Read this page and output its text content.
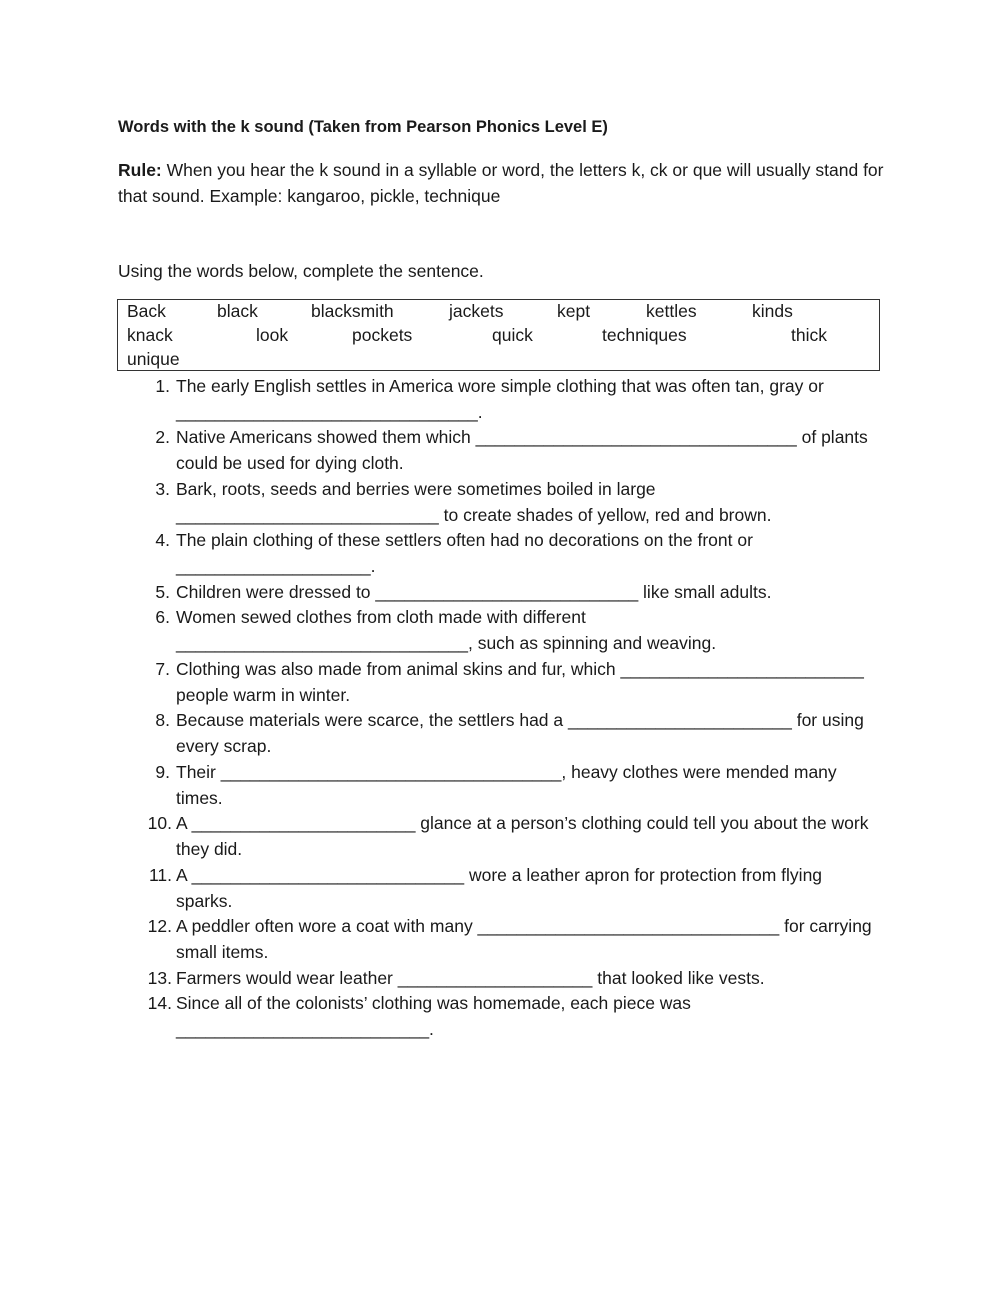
Words with the k sound (Taken from Pearson Phonics Level E)
Rule: When you hear the k sound in a syllable or word, the letters k, ck or que will usually stand for that sound. Example: kangaroo, pickle, technique
Using the words below, complete the sentence.
Back	black	blacksmith	jackets	kept	kettles	kinds
knack	look	pockets	quick	techniques	thick
unique
1. The early English settles in America wore simple clothing that was often tan, gray or _______________________________.
2. Native Americans showed them which _________________________________ of plants could be used for dying cloth.
3. Bark, roots, seeds and berries were sometimes boiled in large ___________________________ to create shades of yellow, red and brown.
4. The plain clothing of these settlers often had no decorations on the front or ____________________.
5. Children were dressed to ___________________________ like small adults.
6. Women sewed clothes from cloth made with different ______________________________, such as spinning and weaving.
7. Clothing was also made from animal skins and fur, which _________________________ people warm in winter.
8. Because materials were scarce, the settlers had a _______________________ for using every scrap.
9. Their ___________________________________, heavy clothes were mended many times.
10. A _______________________ glance at a person’s clothing could tell you about the work they did.
11. A ____________________________ wore a leather apron for protection from flying sparks.
12. A peddler often wore a coat with many _______________________________ for carrying small items.
13. Farmers would wear leather ____________________ that looked like vests.
14. Since all of the colonists’ clothing was homemade, each piece was __________________________.
